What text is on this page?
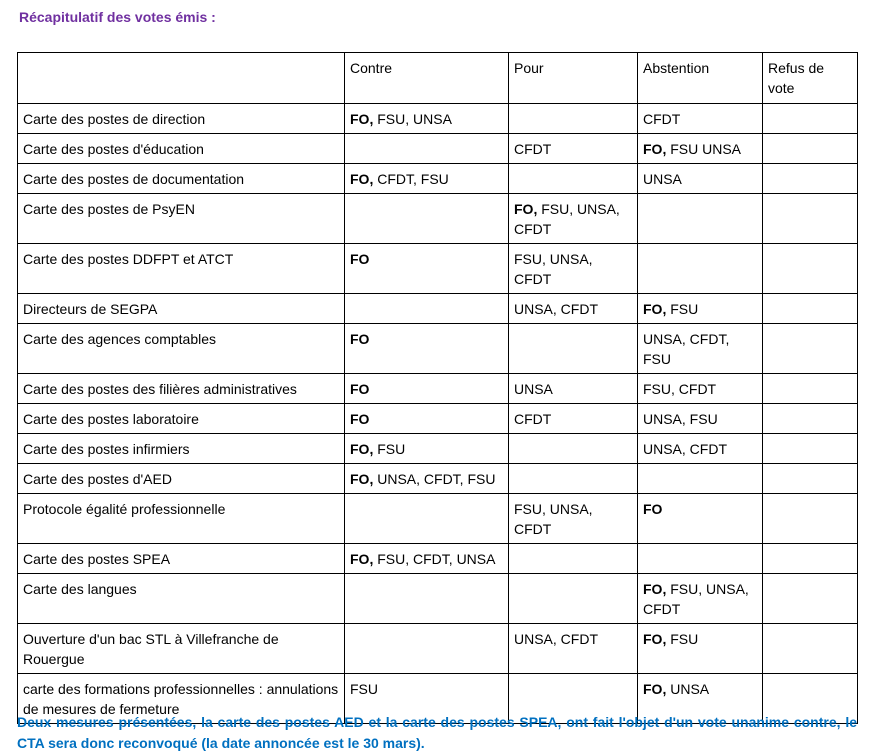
Récapitulatif des votes émis :
	Contre	Pour	Abstention	Refus de vote
Carte des postes de direction	FO, FSU, UNSA		CFDT	
Carte des postes d'éducation		CFDT	FO, FSU UNSA	
Carte des postes de documentation	FO, CFDT, FSU		UNSA	
Carte des postes de PsyEN		FO, FSU, UNSA, CFDT		
Carte des postes DDFPT et ATCT	FO	FSU, UNSA, CFDT		
Directeurs de SEGPA		UNSA, CFDT	FO, FSU	
Carte des agences comptables	FO		UNSA, CFDT, FSU	
Carte des postes des filières administratives	FO	UNSA	FSU, CFDT	
Carte des postes laboratoire	FO	CFDT	UNSA, FSU	
Carte des postes infirmiers	FO, FSU		UNSA, CFDT	
Carte des postes d'AED	FO, UNSA, CFDT, FSU			
Protocole égalité professionnelle		FSU, UNSA, CFDT	FO	
Carte des postes SPEA	FO, FSU, CFDT, UNSA			
Carte des langues			FO, FSU, UNSA, CFDT	
Ouverture d'un bac STL à Villefranche de Rouergue		UNSA, CFDT	FO, FSU	
carte des formations professionnelles : annulations de mesures de fermeture	FSU		FO, UNSA	
Deux mesures présentées, la carte des postes AED et la carte des postes SPEA, ont fait l'objet d'un vote unanime contre, le CTA sera donc reconvoqué (la date annoncée est le 30 mars).
